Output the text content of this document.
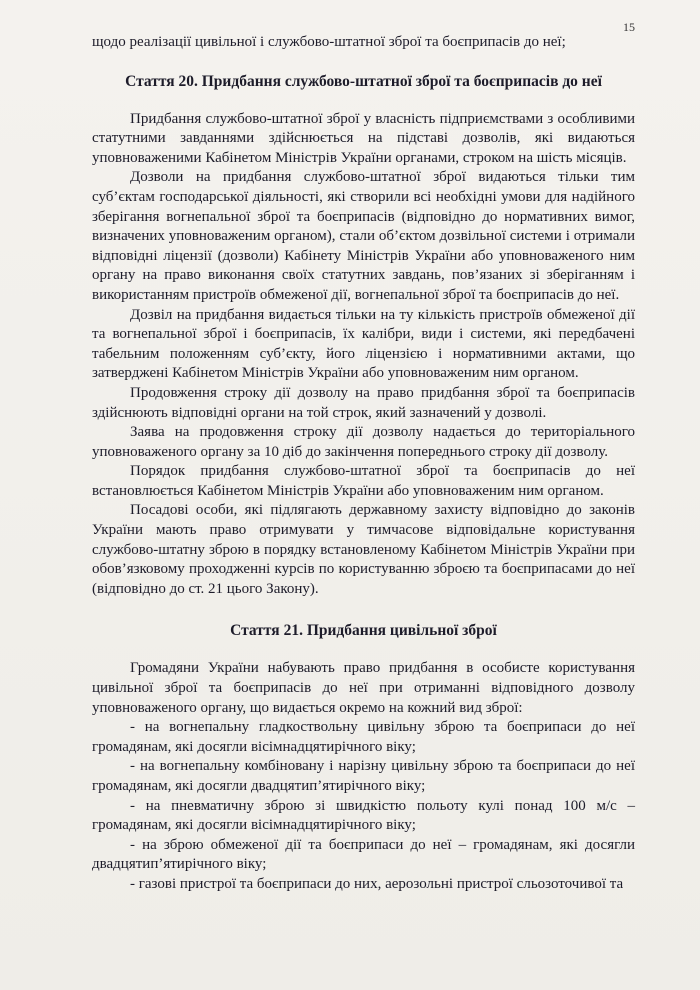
15

щодо реалізації цивільної і службово-штатної зброї та боєприпасів до неї;

Стаття 20. Придбання службово-штатної зброї та боєприпасів до неї

Придбання службово-штатної зброї у власність підприємствами з особливими статутними завданнями здійснюється на підставі дозволів, які видаються уповноваженими Кабінетом Міністрів України органами, строком на шість місяців.

Дозволи на придбання службово-штатної зброї видаються тільки тим суб’єктам господарської діяльності, які створили всі необхідні умови для надійного зберігання вогнепальної зброї та боєприпасів (відповідно до нормативних вимог, визначених уповноваженим органом), стали об’єктом дозвільної системи і отримали відповідні ліцензії (дозволи) Кабінету Міністрів України або уповноваженого ним органу на право виконання своїх статутних завдань, пов’язаних зі зберіганням і використанням пристроїв обмеженої дії, вогнепальної зброї та боєприпасів до неї.

Дозвіл на придбання видається тільки на ту кількість пристроїв обмеженої дії та вогнепальної зброї і боєприпасів, їх калібри, види і системи, які передбачені табельним положенням суб’єкту, його ліцензією і нормативними актами, що затверджені Кабінетом Міністрів України або уповноваженим ним органом.

Продовження строку дії дозволу на право придбання зброї та боєприпасів здійснюють відповідні органи на той строк, який зазначений у дозволі.

Заява на продовження строку дії дозволу надається до територіального уповноваженого органу за 10 діб до закінчення попереднього строку дії дозволу.

Порядок придбання службово-штатної зброї та боєприпасів до неї встановлюється Кабінетом Міністрів України або уповноваженим ним органом.

Посадові особи, які підлягають державному захисту відповідно до законів України мають право отримувати у тимчасове відповідальне користування службово-штатну зброю в порядку встановленому Кабінетом Міністрів України при обов’язковому проходженні курсів по користуванню зброєю та боєприпасами до неї (відповідно до ст. 21 цього Закону).

Стаття 21. Придбання цивільної зброї

Громадяни України набувають право придбання в особисте користування цивільної зброї та боєприпасів до неї при отриманні відповідного дозволу уповноваженого органу, що видається окремо на кожний вид зброї:

- на вогнепальну гладкоствольну цивільну зброю та боєприпаси до неї громадянам, які досягли вісімнадцятирічного віку;

- на вогнепальну комбіновану і нарізну цивільну зброю та боєприпаси до неї громадянам, які досягли двадцятип’ятирічного віку;

- на пневматичну зброю зі швидкістю польоту кулі понад 100 м/с – громадянам, які досягли вісімнадцятирічного віку;

- на зброю обмеженої дії та боєприпаси до неї – громадянам, які досягли двадцятип’ятирічного віку;

- газові пристрої та боєприпаси до них, аерозольні пристрої сльозоточивої та
